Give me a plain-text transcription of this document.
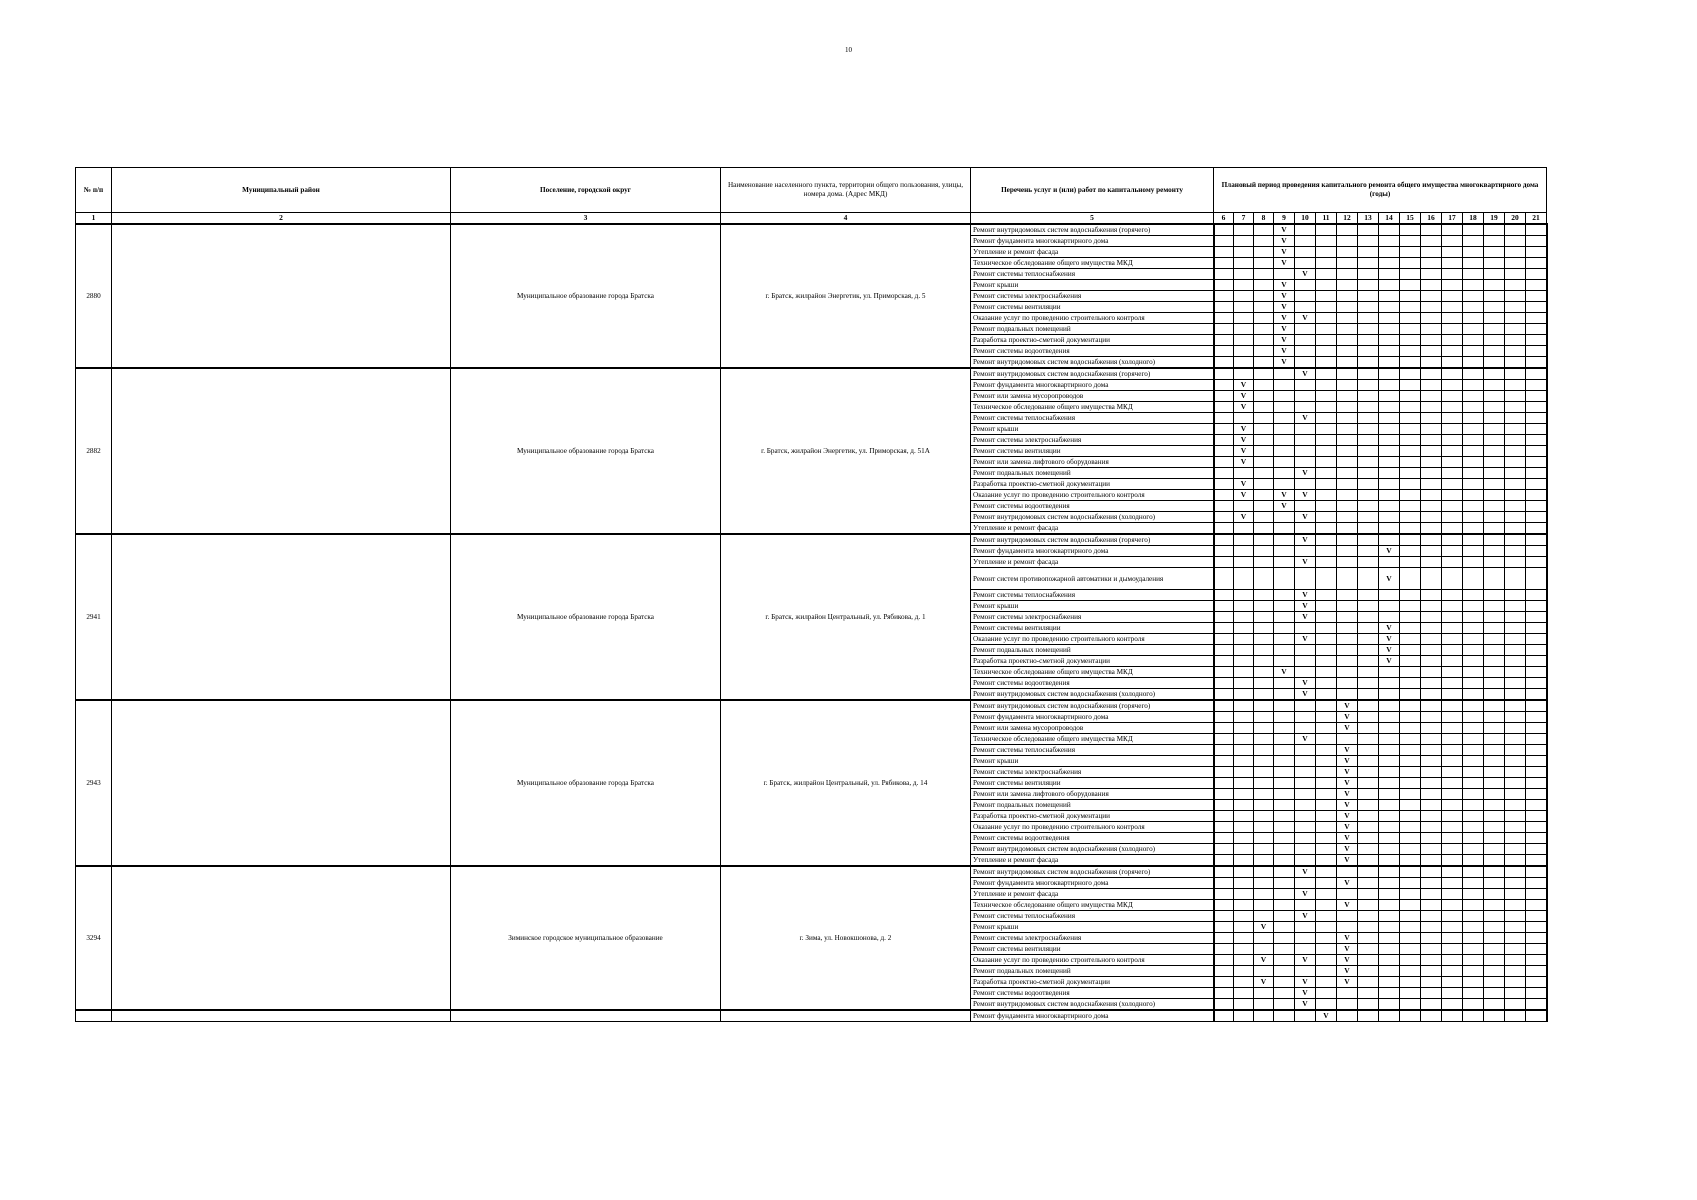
10
№ п/п	Муниципальный район	Поселение, городской округ	Наименование населенного пункта, территории общего пользования, улицы, номера дома. (Адрес МКД)	Перечень услуг и (или) работ по капитальному ремонту	Плановый период проведения капитального ремонта общего имущества многоквартирного дома (годы)															
1	2	3	4	5	6	7	8	9	10	11	12	13	14	15	16	17	18	19	20	21
2880		Муниципальное образование города Братска	г. Братск, жилрайон Энергетик, ул. Приморская, д. 5	Ремонт внутридомовых систем водоснабжения (горячего)				V												
				Ремонт фундамента многоквартирного дома				V												
				Утепление и ремонт фасада				V												
				Техническое обследование общего имущества МКД				V												
				Ремонт системы теплоснабжения					V											
				Ремонт крыши				V												
				Ремонт системы электроснабжения				V												
				Ремонт системы вентиляции				V												
				Оказание услуг по проведению строительного контроля				V	V											
				Ремонт подвальных помещений				V												
				Разработка проектно-сметной документации				V												
				Ремонт системы водоотведения				V												
				Ремонт внутридомовых систем водоснабжения (холодного)				V												
2882		Муниципальное образование города Братска	г. Братск, жилрайон Энергетик, ул. Приморская, д. 51А	Ремонт внутридомовых систем водоснабжения (горячего)					V											
				Ремонт фундамента многоквартирного дома		V														
				Ремонт или замена мусоропроводов		V														
				Техническое обследование общего имущества МКД		V														
				Ремонт системы теплоснабжения					V											
				Ремонт крыши		V														
				Ремонт системы электроснабжения		V														
				Ремонт системы вентиляции		V														
				Ремонт или замена лифтового оборудования		V														
				Ремонт подвальных помещений					V											
				Разработка проектно-сметной документации		V														
				Оказание услуг по проведению строительного контроля		V		V	V											
				Ремонт системы водоотведения				V												
				Ремонт внутридомовых систем водоснабжения (холодного)		V			V											
				Утепление и ремонт фасада																
2941		Муниципальное образование города Братска	г. Братск, жилрайон Центральный, ул. Рябикова, д. 1	Ремонт внутридомовых систем водоснабжения (горячего)					V											
				Ремонт фундамента многоквартирного дома									V							
				Утепление и ремонт фасада					V											
				Ремонт систем противопожарной автоматики и дымоудаления									V							
				Ремонт системы теплоснабжения					V											
				Ремонт крыши					V											
				Ремонт системы электроснабжения					V											
				Ремонт системы вентиляции									V							
				Оказание услуг по проведению строительного контроля					V				V							
				Ремонт подвальных помещений									V							
				Разработка проектно-сметной документации									V							
				Техническое обследование общего имущества МКД				V												
				Ремонт системы водоотведения					V											
				Ремонт внутридомовых систем водоснабжения (холодного)					V											
2943		Муниципальное образование города Братска	г. Братск, жилрайон Центральный, ул. Рябикова, д. 14	Ремонт внутридомовых систем водоснабжения (горячего)							V									
				Ремонт фундамента многоквартирного дома							V									
				Ремонт или замена мусоропроводов							V									
				Техническое обследование общего имущества МКД					V											
				Ремонт системы теплоснабжения							V									
				Ремонт крыши							V									
				Ремонт системы электроснабжения							V									
				Ремонт системы вентиляции							V									
				Ремонт или замена лифтового оборудования							V									
				Ремонт подвальных помещений							V									
				Разработка проектно-сметной документации							V									
				Оказание услуг по проведению строительного контроля							V									
				Ремонт системы водоотведения							V									
				Ремонт внутридомовых систем водоснабжения (холодного)							V									
				Утепление и ремонт фасада							V									
3294		Зиминское городское муниципальное образование	г. Зима, ул. Новокшонова, д. 2	Ремонт внутридомовых систем водоснабжения (горячего)					V											
				Ремонт фундамента многоквартирного дома							V									
				Утепление и ремонт фасада					V											
				Техническое обследование общего имущества МКД							V									
				Ремонт системы теплоснабжения					V											
				Ремонт крыши			V													
				Ремонт системы электроснабжения							V									
				Ремонт системы вентиляции							V									
				Оказание услуг по проведению строительного контроля			V		V		V									
				Ремонт подвальных помещений							V									
				Разработка проектно-сметной документации			V		V		V									
				Ремонт системы водоотведения					V											
				Ремонт внутридомовых систем водоснабжения (холодного)					V											
				Ремонт фундамента многоквартирного дома						V										
